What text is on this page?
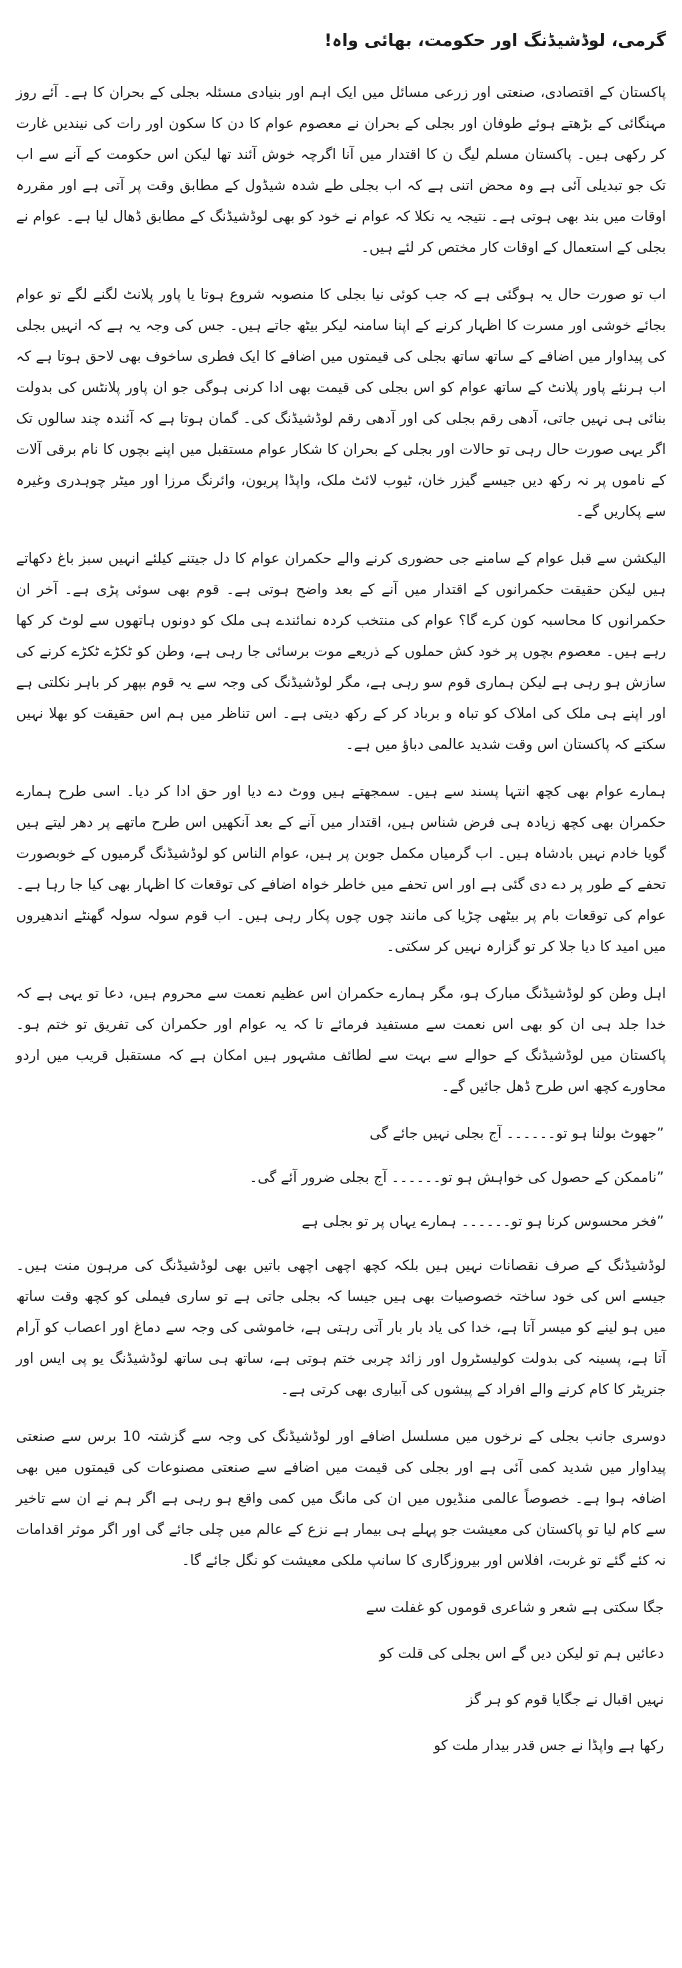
گرمی، لوڈشیڈنگ اور حکومت، بھائی واہ!

پاکستان کے اقتصادی، صنعتی اور زرعی مسائل میں ایک اہم اور بنیادی مسئلہ بجلی کے بحران کا ہے۔ آئے روز مہنگائی کے بڑھتے ہوئے طوفان اور بجلی کے بحران نے معصوم عوام کا دن کا سکون اور رات کی نیندیں غارت کر رکھی ہیں۔ پاکستان مسلم لیگ ن کا اقتدار میں آنا اگرچہ خوش آئند تھا لیکن اس حکومت کے آنے سے اب تک جو تبدیلی آئی ہے وہ محض اتنی ہے کہ اب بجلی طے شدہ شیڈول کے مطابق وقت پر آتی ہے اور مقررہ اوقات میں بند بھی ہوتی ہے۔ نتیجہ یہ نکلا کہ عوام نے خود کو بھی لوڈشیڈنگ کے مطابق ڈھال لیا ہے۔ عوام نے بجلی کے استعمال کے اوقات کار مختص کر لئے ہیں۔

اب تو صورت حال یہ ہوگئی ہے کہ جب کوئی نیا بجلی کا منصوبہ شروع ہوتا یا پاور پلانٹ لگنے لگے تو عوام بجائے خوشی اور مسرت کا اظہار کرنے کے اپنا سامنہ لیکر بیٹھ جاتے ہیں۔ جس کی وجہ یہ ہے کہ انہیں بجلی کی پیداوار میں اضافے کے ساتھ ساتھ بجلی کی قیمتوں میں اضافے کا ایک فطری ساخوف بھی لاحق ہوتا ہے کہ اب ہرنئے پاور پلانٹ کے ساتھ عوام کو اس بجلی کی قیمت بھی ادا کرنی ہوگی جو ان پاور پلانٹس کی بدولت بنائی ہی نہیں جاتی، آدھی رقم بجلی کی اور آدھی رقم لوڈشیڈنگ کی۔ گمان ہوتا ہے کہ آئندہ چند سالوں تک اگر یہی صورت حال رہی تو حالات اور بجلی کے بحران کا شکار عوام مستقبل میں اپنے بچوں کا نام برقی آلات کے ناموں پر نہ رکھ دیں جیسے گیزر خان، ٹیوب لائٹ ملک، واپڈا پریون، وائرنگ مرزا اور میٹر چوہدری وغیرہ سے پکاریں گے۔

الیکشن سے قبل عوام کے سامنے جی حضوری کرنے والے حکمران عوام کا دل جیتنے کیلئے انہیں سبز باغ دکھاتے ہیں لیکن حقیقت حکمرانوں کے اقتدار میں آنے کے بعد واضح ہوتی ہے۔ قوم بھی سوئی پڑی ہے۔ آخر ان حکمرانوں کا محاسبہ کون کرے گا؟ عوام کی منتخب کردہ نمائندے ہی ملک کو دونوں ہاتھوں سے لوٹ کر کھا رہے ہیں۔ معصوم بچوں پر خود کش حملوں کے ذریعے موت برسائی جا رہی ہے، وطن کو ٹکڑے ٹکڑے کرنے کی سازش ہو رہی ہے لیکن ہماری قوم سو رہی ہے، مگر لوڈشیڈنگ کی وجہ سے یہ قوم بپھر کر باہر نکلتی ہے اور اپنے ہی ملک کی املاک کو تباہ و برباد کر کے رکھ دیتی ہے۔ اس تناظر میں ہم اس حقیقت کو بھلا نہیں سکتے کہ پاکستان اس وقت شدید عالمی دباؤ میں ہے۔

ہمارے عوام بھی کچھ انتہا پسند سے ہیں۔ سمجھتے ہیں ووٹ دے دیا اور حق ادا کر دیا۔ اسی طرح ہمارے حکمران بھی کچھ زیادہ ہی فرض شناس ہیں، اقتدار میں آنے کے بعد آنکھیں اس طرح ماتھے پر دھر لیتے ہیں گویا خادم نہیں بادشاہ ہیں۔ اب گرمیاں مکمل جوبن پر ہیں، عوام الناس کو لوڈشیڈنگ گرمیوں کے خوبصورت تحفے کے طور پر دے دی گئی ہے اور اس تحفے میں خاطر خواہ اضافے کی توقعات کا اظہار بھی کیا جا رہا ہے۔ عوام کی توقعات بام پر بیٹھی چڑیا کی مانند چوں چوں پکار رہی ہیں۔ اب قوم سولہ سولہ گھنٹے اندھیروں میں امید کا دیا جلا کر تو گزارہ نہیں کر سکتی۔

اہل وطن کو لوڈشیڈنگ مبارک ہو، مگر ہمارے حکمران اس عظیم نعمت سے محروم ہیں، دعا تو یہی ہے کہ خدا جلد ہی ان کو بھی اس نعمت سے مستفید فرمائے تا کہ یہ عوام اور حکمران کی تفریق تو ختم ہو۔ پاکستان میں لوڈشیڈنگ کے حوالے سے بہت سے لطائف مشہور ہیں امکان ہے کہ مستقبل قریب میں اردو محاورے کچھ اس طرح ڈھل جائیں گے۔

”جھوٹ بولنا ہو تو۔۔۔۔۔۔ آج بجلی نہیں جائے گی
”ناممکن کے حصول کی خواہش ہو تو۔۔۔۔۔۔ آج بجلی ضرور آئے گی۔
”فخر محسوس کرنا ہو تو۔۔۔۔۔۔ ہمارے یہاں پر تو بجلی ہے

لوڈشیڈنگ کے صرف نقصانات نہیں ہیں بلکہ کچھ اچھی اچھی باتیں بھی لوڈشیڈنگ کی مرہون منت ہیں۔ جیسے اس کی خود ساختہ خصوصیات بھی ہیں جیسا کہ بجلی جاتی ہے تو ساری فیملی کو کچھ وقت ساتھ میں ہو لینے کو میسر آتا ہے، خدا کی یاد بار بار آتی رہتی ہے، خاموشی کی وجہ سے دماغ اور اعصاب کو آرام آتا ہے، پسینہ کی بدولت کولیسٹرول اور زائد چربی ختم ہوتی ہے، ساتھ ہی ساتھ لوڈشیڈنگ یو پی ایس اور جنریٹر کا کام کرنے والے افراد کے پیشوں کی آبیاری بھی کرتی ہے۔

دوسری جانب بجلی کے نرخوں میں مسلسل اضافے اور لوڈشیڈنگ کی وجہ سے گزشتہ 10 برس سے صنعتی پیداوار میں شدید کمی آئی ہے اور بجلی کی قیمت میں اضافے سے صنعتی مصنوعات کی قیمتوں میں بھی اضافہ ہوا ہے۔ خصوصاً عالمی منڈیوں میں ان کی مانگ میں کمی واقع ہو رہی ہے اگر ہم نے ان سے تاخیر سے کام لیا تو پاکستان کی معیشت جو پہلے ہی بیمار ہے نزع کے عالم میں چلی جائے گی اور اگر موثر اقدامات نہ کئے گئے تو غربت، افلاس اور بیروزگاری کا سانپ ملکی معیشت کو نگل جائے گا۔

جگا سکتی ہے شعر و شاعری قوموں کو غفلت سے
دعائیں ہم تو لیکن دیں گے اس بجلی کی قلت کو
نہیں اقبال نے جگایا قوم کو ہر گز
رکھا ہے واپڈا نے جس قدر بیدار ملت کو
